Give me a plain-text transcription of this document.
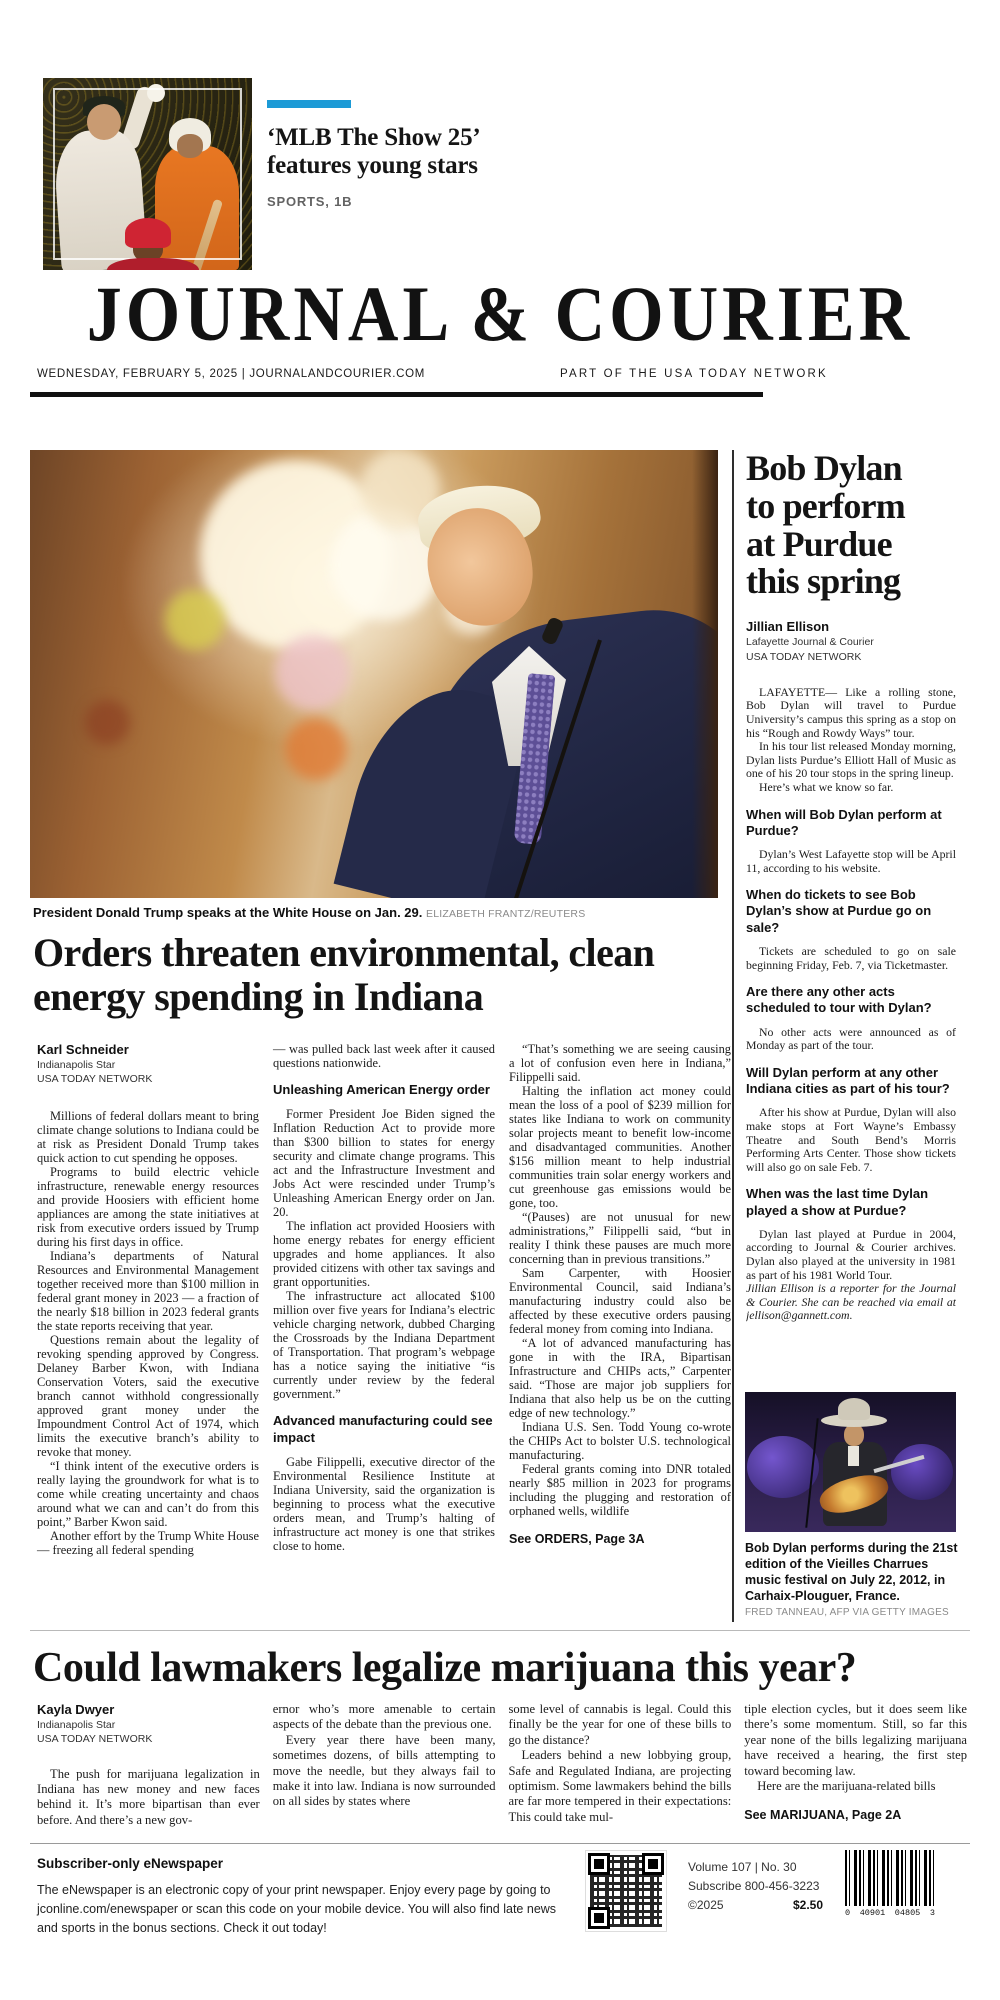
‘MLB The Show 25’
features young stars
SPORTS, 1B
JOURNAL & COURIER
WEDNESDAY, FEBRUARY 5, 2025 | JOURNALANDCOURIER.COM	PART OF THE USA TODAY NETWORK
President Donald Trump speaks at the White House on Jan. 29. ELIZABETH FRANTZ/REUTERS
Orders threaten environmental, clean energy spending in Indiana
Karl Schneider
Indianapolis Star
USA TODAY NETWORK

Millions of federal dollars meant to bring climate change solutions to Indiana could be at risk as President Donald Trump takes quick action to cut spending he opposes.

Programs to build electric vehicle infrastructure, renewable energy resources and provide Hoosiers with efficient home appliances are among the state initiatives at risk from executive orders issued by Trump during his first days in office.

Indiana’s departments of Natural Resources and Environmental Management together received more than $100 million in federal grant money in 2023 — a fraction of the nearly $18 billion in 2023 federal grants the state reports receiving that year.

Questions remain about the legality of revoking spending approved by Congress. Delaney Barber Kwon, with Indiana Conservation Voters, said the executive branch cannot withhold congressionally approved grant money under the Impoundment Control Act of 1974, which limits the executive branch’s ability to revoke that money.

“I think intent of the executive orders is really laying the groundwork for what is to come while creating uncertainty and chaos around what we can and can’t do from this point,” Barber Kwon said.

Another effort by the Trump White House — freezing all federal spending

— was pulled back last week after it caused questions nationwide.

Unleashing American Energy order

Former President Joe Biden signed the Inflation Reduction Act to provide more than $300 billion to states for energy security and climate change programs. This act and the Infrastructure Investment and Jobs Act were rescinded under Trump’s Unleashing American Energy order on Jan. 20.

The inflation act provided Hoosiers with home energy rebates for energy efficient upgrades and home appliances. It also provided citizens with other tax savings and grant opportunities.

The infrastructure act allocated $100 million over five years for Indiana’s electric vehicle charging network, dubbed Charging the Crossroads by the Indiana Department of Transportation. That program’s webpage has a notice saying the initiative “is currently under review by the federal government.”

Advanced manufacturing could see impact

Gabe Filippelli, executive director of the Environmental Resilience Institute at Indiana University, said the organization is beginning to process what the executive orders mean, and Trump’s halting of infrastructure act money is one that strikes close to home.

“That’s something we are seeing causing a lot of confusion even here in Indiana,” Filippelli said.

Halting the inflation act money could mean the loss of a pool of $239 million for states like Indiana to work on community solar projects meant to benefit low-income and disadvantaged communities. Another $156 million meant to help industrial communities train solar energy workers and cut greenhouse gas emissions would be gone, too.

“(Pauses) are not unusual for new administrations,” Filippelli said, “but in reality I think these pauses are much more concerning than in previous transitions.”

Sam Carpenter, with Hoosier Environmental Council, said Indiana’s manufacturing industry could also be affected by these executive orders pausing federal money from coming into Indiana.

“A lot of advanced manufacturing has gone in with the IRA, Bipartisan Infrastructure and CHIPs acts,” Carpenter said. “Those are major job suppliers for Indiana that also help us be on the cutting edge of new technology.”

Indiana U.S. Sen. Todd Young co-wrote the CHIPs Act to bolster U.S. technological manufacturing.

Federal grants coming into DNR totaled nearly $85 million in 2023 for programs including the plugging and restoration of orphaned wells, wildlife

See ORDERS, Page 3A

Bob Dylan
to perform
at Purdue
this spring
Jillian Ellison
Lafayette Journal & Courier
USA TODAY NETWORK

LAFAYETTE— Like a rolling stone, Bob Dylan will travel to Purdue University’s campus this spring as a stop on his “Rough and Rowdy Ways” tour.

In his tour list released Monday morning, Dylan lists Purdue’s Elliott Hall of Music as one of his 20 tour stops in the spring lineup.

Here’s what we know so far.

When will Bob Dylan perform at Purdue?

Dylan’s West Lafayette stop will be April 11, according to his website.

When do tickets to see Bob Dylan’s show at Purdue go on sale?

Tickets are scheduled to go on sale beginning Friday, Feb. 7, via Ticketmaster.

Are there any other acts scheduled to tour with Dylan?

No other acts were announced as of Monday as part of the tour.

Will Dylan perform at any other Indiana cities as part of his tour?

After his show at Purdue, Dylan will also make stops at Fort Wayne’s Embassy Theatre and South Bend’s Morris Performing Arts Center. Those show tickets will also go on sale Feb. 7.

When was the last time Dylan played a show at Purdue?

Dylan last played at Purdue in 2004, according to Journal & Courier archives. Dylan also played at the university in 1981 as part of his 1981 World Tour.

Jillian Ellison is a reporter for the Journal & Courier. She can be reached via email at jellison@gannett.com.

Bob Dylan performs during the 21st edition of the Vieilles Charrues music festival on July 22, 2012, in Carhaix-Plouguer, France.
FRED TANNEAU, AFP VIA GETTY IMAGES
Could lawmakers legalize marijuana this year?
Kayla Dwyer
Indianapolis Star
USA TODAY NETWORK

The push for marijuana legalization in Indiana has new money and new faces behind it. It’s more bipartisan than ever before. And there’s a new gov-

ernor who’s more amenable to certain aspects of the debate than the previous one.

Every year there have been many, sometimes dozens, of bills attempting to move the needle, but they always fail to make it into law. Indiana is now surrounded on all sides by states where

some level of cannabis is legal. Could this finally be the year for one of these bills to go the distance?

Leaders behind a new lobbying group, Safe and Regulated Indiana, are projecting optimism. Some lawmakers behind the bills are far more tempered in their expectations: This could take mul-

tiple election cycles, but it does seem like there’s some momentum. Still, so far this year none of the bills legalizing marijuana have received a hearing, the first step toward becoming law.

Here are the marijuana-related bills

See MARIJUANA, Page 2A

Subscriber-only eNewspaper
The eNewspaper is an electronic copy of your print newspaper. Enjoy every page by going to jconline.com/enewspaper or scan this code on your mobile device. You will also find late news and sports in the bonus sections. Check it out today!
Volume 107 | No. 30
Subscribe 800-456-3223
©2025	$2.50
0 40901 04805 3
